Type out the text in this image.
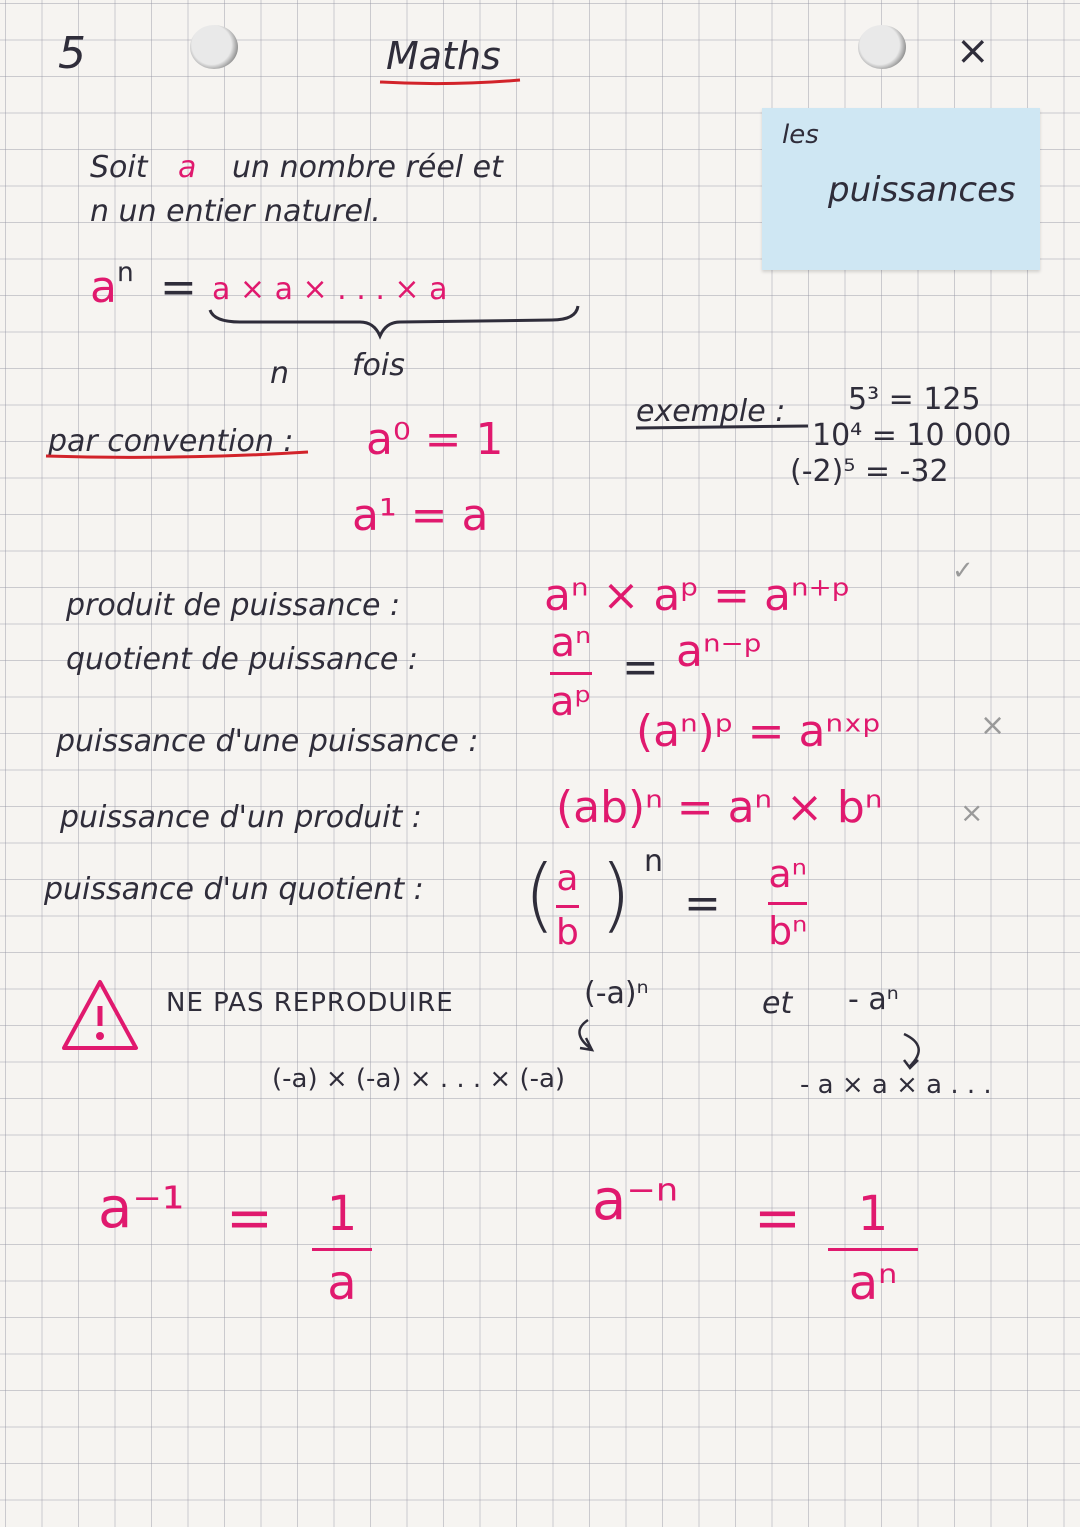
5	Maths	×
les
puissances
Soit a un nombre réel et
n un entier naturel.
$a^n = a \times a$ × . . . × a
n fois
exemple : 5³ = 125
10⁴ = 10 000
(-2)⁵ = -32
par convention : a⁰ = 1
a¹ = a
produit de puissance :	aⁿ × aᵖ = aⁿ⁺ᵖ	✓
quotient de puissance :	aⁿ
aᵖ
= aⁿ⁻ᵖ
puissance d'une puissance :	(aⁿ)ᵖ = aⁿˣᵖ	×
puissance d'un produit :	(ab)ⁿ = aⁿ × bⁿ	×
puissance d'un quotient : ( a
b ) n
=
aⁿ
bⁿ
NE PAS REPRODUIRE	(-a)ⁿ	et - aⁿ
(-a) × (-a) × . . . × (-a)	- a × a × a . . .
a⁻¹ = 1
a
a⁻ⁿ = 1
aⁿ
